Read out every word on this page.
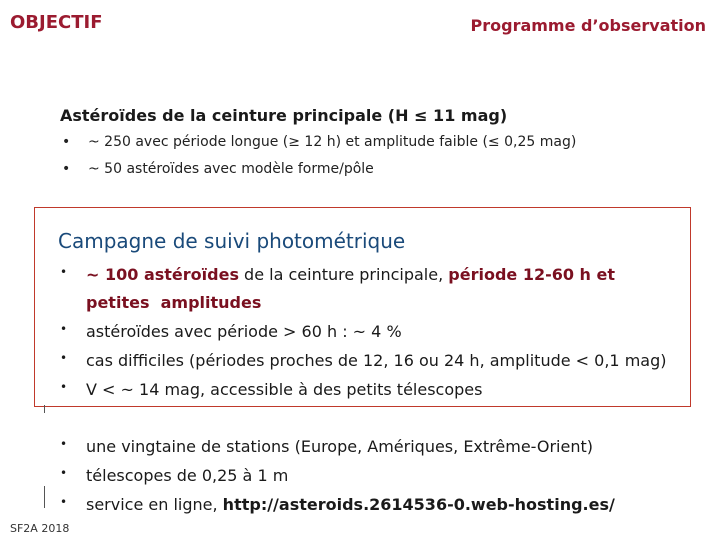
OBJECTIF	Programme d’observation
Astéroïdes de la ceinture principale (H ≤ 11 mag)
• ~ 250 avec période longue (≥ 12 h) et amplitude faible (≤ 0,25 mag)
• ~ 50 astéroïdes avec modèle forme/pôle
Campagne de suivi photométrique
• ~ 100 astéroïdes de la ceinture principale, période 12-60 h et
petites  amplitudes
• astéroïdes avec période > 60 h : ~ 4 %
• cas difficiles (périodes proches de 12, 16 ou 24 h, amplitude < 0,1 mag)
• V < ~ 14 mag, accessible à des petits télescopes
• une vingtaine de stations (Europe, Amériques, Extrême-Orient)
• télescopes de 0,25 à 1 m
• service en ligne, http://asteroids.2614536-0.web-hosting.es/
SF2A 2018
